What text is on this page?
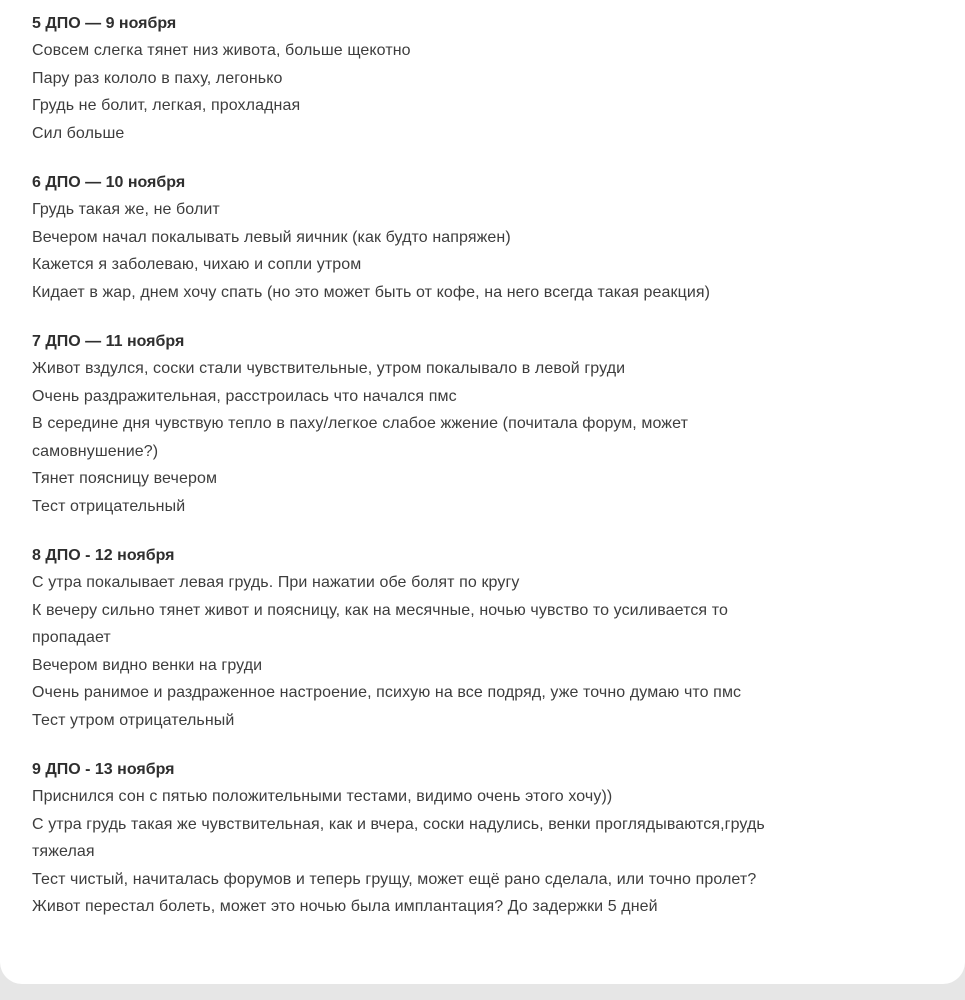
5 ДПО — 9 ноября

Совсем слегка тянет низ живота, больше щекотно

Пару раз кололо в паху, легонько

Грудь не болит, легкая, прохладная

Сил больше

6 ДПО — 10 ноября

Грудь такая же, не болит

Вечером начал покалывать левый яичник (как будто напряжен)

Кажется я заболеваю, чихаю и сопли утром

Кидает в жар, днем хочу спать (но это может быть от кофе, на него всегда такая реакция)

7 ДПО — 11 ноября

Живот вздулся, соски стали чувствительные, утром покалывало в левой груди

Очень раздражительная, расстроилась что начался пмс

В середине дня чувствую тепло в паху/легкое слабое жжение (почитала форум, может

самовнушение?)

Тянет поясницу вечером

Тест отрицательный

8 ДПО - 12 ноября

С утра покалывает левая грудь. При нажатии обе болят по кругу

К вечеру сильно тянет живот и поясницу, как на месячные, ночью чувство то усиливается то

пропадает

Вечером видно венки на груди

Очень ранимое и раздраженное настроение, психую на все подряд, уже точно думаю что пмс

Тест утром отрицательный

9 ДПО - 13 ноября

Приснился сон с пятью положительными тестами, видимо очень этого хочу))

С утра грудь такая же чувствительная, как и вчера, соски надулись, венки проглядываются,грудь

тяжелая

Тест чистый, начиталась форумов и теперь грущу, может ещё рано сделала, или точно пролет?

Живот перестал болеть, может это ночью была имплантация? До задержки 5 дней
